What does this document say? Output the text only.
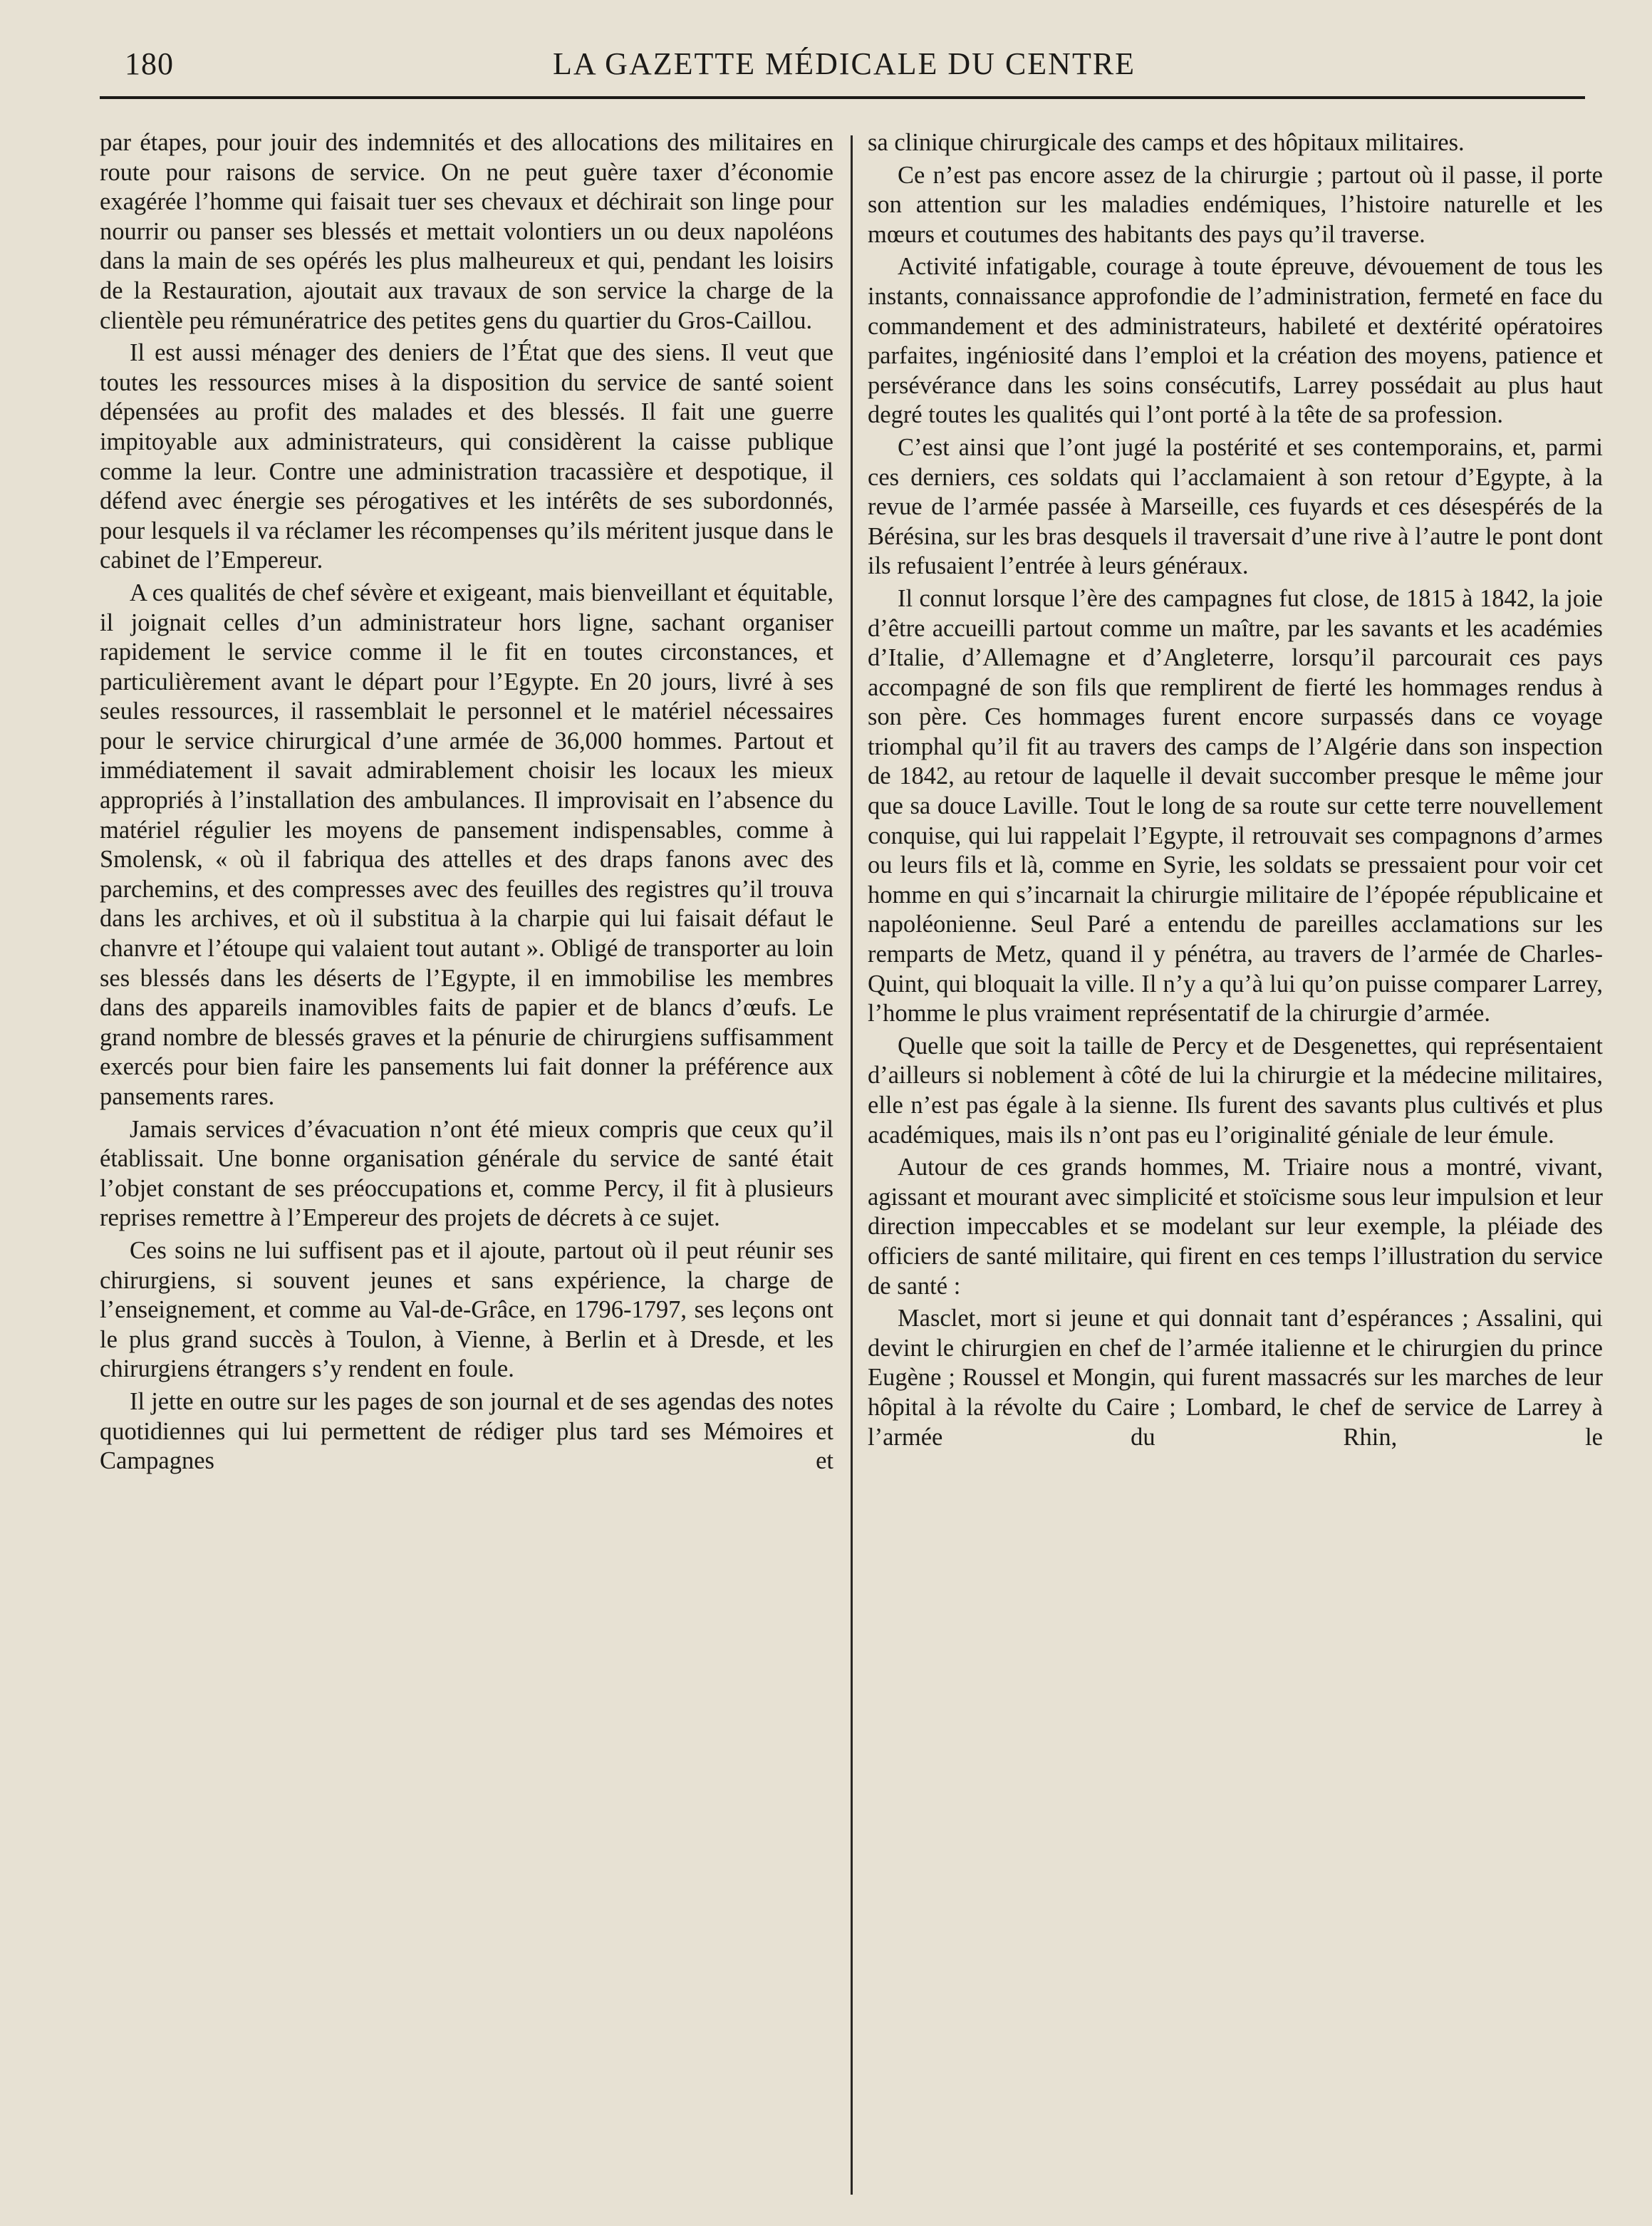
180	LA GAZETTE MÉDICALE DU CENTRE

par étapes, pour jouir des indemnités et des allocations des militaires en route pour raisons de service. On ne peut guère taxer d’économie exagérée l’homme qui faisait tuer ses chevaux et déchirait son linge pour nourrir ou panser ses blessés et mettait volontiers un ou deux napoléons dans la main de ses opérés les plus malheureux et qui, pendant les loisirs de la Restauration, ajoutait aux travaux de son service la charge de la clientèle peu rémunératrice des petites gens du quartier du Gros-Caillou.

Il est aussi ménager des deniers de l’État que des siens. Il veut que toutes les ressources mises à la disposition du service de santé soient dépensées au profit des malades et des blessés. Il fait une guerre impitoyable aux administrateurs, qui considèrent la caisse publique comme la leur. Contre une administration tracassière et despotique, il défend avec énergie ses pérogatives et les intérêts de ses subordonnés, pour lesquels il va réclamer les récompenses qu’ils méritent jusque dans le cabinet de l’Empereur.

A ces qualités de chef sévère et exigeant, mais bienveillant et équitable, il joignait celles d’un administrateur hors ligne, sachant organiser rapidement le service comme il le fit en toutes circonstances, et particulièrement avant le départ pour l’Egypte. En 20 jours, livré à ses seules ressources, il rassemblait le personnel et le matériel nécessaires pour le service chirurgical d’une armée de 36,000 hommes. Partout et immédiatement il savait admirablement choisir les locaux les mieux appropriés à l’installation des ambulances. Il improvisait en l’absence du matériel régulier les moyens de pansement indispensables, comme à Smolensk, « où il fabriqua des attelles et des draps fanons avec des parchemins, et des compresses avec des feuilles des registres qu’il trouva dans les archives, et où il substitua à la charpie qui lui faisait défaut le chanvre et l’étoupe qui valaient tout autant ». Obligé de transporter au loin ses blessés dans les déserts de l’Egypte, il en immobilise les membres dans des appareils inamovibles faits de papier et de blancs d’œufs. Le grand nombre de blessés graves et la pénurie de chirurgiens suffisamment exercés pour bien faire les pansements lui fait donner la préférence aux pansements rares.

Jamais services d’évacuation n’ont été mieux compris que ceux qu’il établissait. Une bonne organisation générale du service de santé était l’objet constant de ses préoccupations et, comme Percy, il fit à plusieurs reprises remettre à l’Empereur des projets de décrets à ce sujet.

Ces soins ne lui suffisent pas et il ajoute, partout où il peut réunir ses chirurgiens, si souvent jeunes et sans expérience, la charge de l’enseignement, et comme au Val-de-Grâce, en 1796-1797, ses leçons ont le plus grand succès à Toulon, à Vienne, à Berlin et à Dresde, et les chirurgiens étrangers s’y rendent en foule.

Il jette en outre sur les pages de son journal et de ses agendas des notes quotidiennes qui lui permettent de rédiger plus tard ses Mémoires et Campagnes et

sa clinique chirurgicale des camps et des hôpitaux militaires.

Ce n’est pas encore assez de la chirurgie ; partout où il passe, il porte son attention sur les maladies endémiques, l’histoire naturelle et les mœurs et coutumes des habitants des pays qu’il traverse.

Activité infatigable, courage à toute épreuve, dévouement de tous les instants, connaissance approfondie de l’administration, fermeté en face du commandement et des administrateurs, habileté et dextérité opératoires parfaites, ingéniosité dans l’emploi et la création des moyens, patience et persévérance dans les soins consécutifs, Larrey possédait au plus haut degré toutes les qualités qui l’ont porté à la tête de sa profession.

C’est ainsi que l’ont jugé la postérité et ses contemporains, et, parmi ces derniers, ces soldats qui l’acclamaient à son retour d’Egypte, à la revue de l’armée passée à Marseille, ces fuyards et ces désespérés de la Bérésina, sur les bras desquels il traversait d’une rive à l’autre le pont dont ils refusaient l’entrée à leurs généraux.

Il connut lorsque l’ère des campagnes fut close, de 1815 à 1842, la joie d’être accueilli partout comme un maître, par les savants et les académies d’Italie, d’Allemagne et d’Angleterre, lorsqu’il parcourait ces pays accompagné de son fils que remplirent de fierté les hommages rendus à son père. Ces hommages furent encore surpassés dans ce voyage triomphal qu’il fit au travers des camps de l’Algérie dans son inspection de 1842, au retour de laquelle il devait succomber presque le même jour que sa douce Laville. Tout le long de sa route sur cette terre nouvellement conquise, qui lui rappelait l’Egypte, il retrouvait ses compagnons d’armes ou leurs fils et là, comme en Syrie, les soldats se pressaient pour voir cet homme en qui s’incarnait la chirurgie militaire de l’épopée républicaine et napoléonienne. Seul Paré a entendu de pareilles acclamations sur les remparts de Metz, quand il y pénétra, au travers de l’armée de Charles-Quint, qui bloquait la ville. Il n’y a qu’à lui qu’on puisse comparer Larrey, l’homme le plus vraiment représentatif de la chirurgie d’armée.

Quelle que soit la taille de Percy et de Desgenettes, qui représentaient d’ailleurs si noblement à côté de lui la chirurgie et la médecine militaires, elle n’est pas égale à la sienne. Ils furent des savants plus cultivés et plus académiques, mais ils n’ont pas eu l’originalité géniale de leur émule.

Autour de ces grands hommes, M. Triaire nous a montré, vivant, agissant et mourant avec simplicité et stoïcisme sous leur impulsion et leur direction impeccables et se modelant sur leur exemple, la pléiade des officiers de santé militaire, qui firent en ces temps l’illustration du service de santé :

Masclet, mort si jeune et qui donnait tant d’espérances ; Assalini, qui devint le chirurgien en chef de l’armée italienne et le chirurgien du prince Eugène ; Roussel et Mongin, qui furent massacrés sur les marches de leur hôpital à la révolte du Caire ; Lombard, le chef de service de Larrey à l’armée du Rhin, le
